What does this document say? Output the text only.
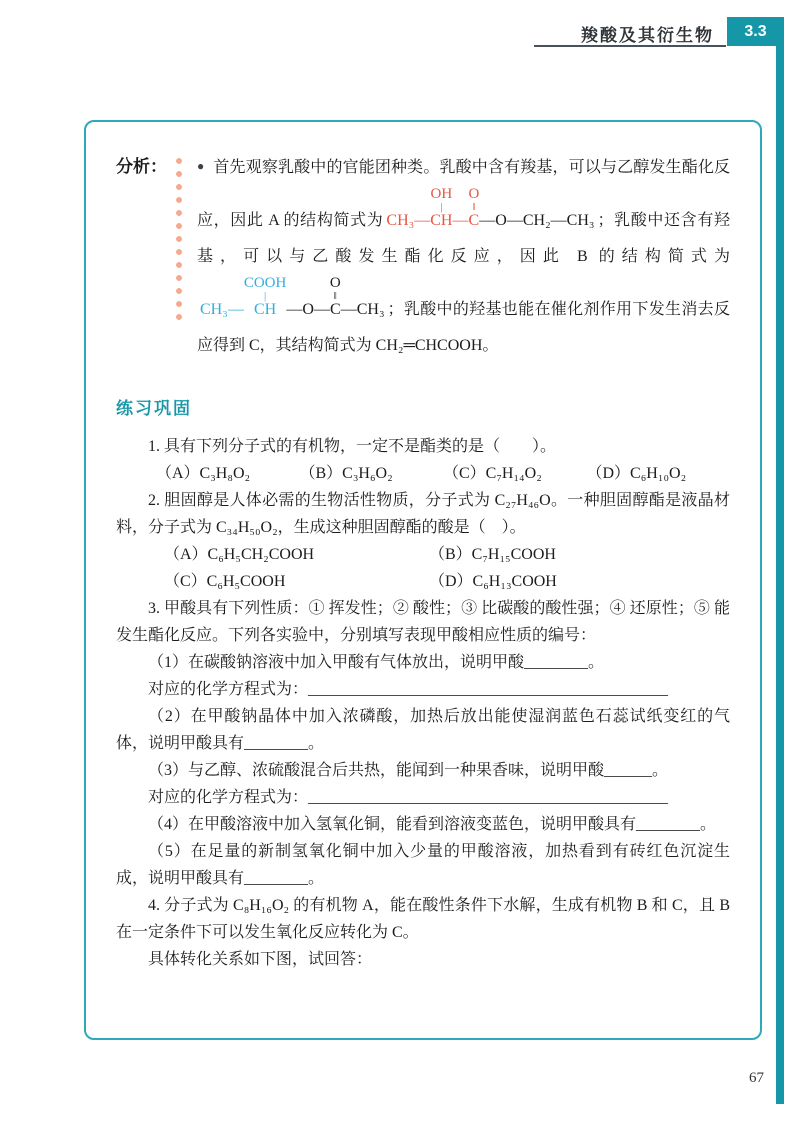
羧酸及其衍生物	3.3
分析：	● 首先观察乳酸中的官能团种类。乳酸中含有羧基，可以与乙醇发生酯化反应，因此 A 的结构简式为 CH₃ —
OH
|
CH —
O
‖
C — O — CH₂ — CH₃ ；乳酸中还含有羟基，可以与乙酸发生酯化反应，因此 B 的结构简式为
CH₃ —
COOH
|
CH — O —
O
‖
C — CH₃ ；乳酸中的羟基也能在催化剂作用下发生消去反应得到 C，其结构简式为 CH₂═CHCOOH。
练习巩固

1. 具有下列分子式的有机物，一定不是酯类的是（　　）。

（A）C₃H₈O₂	（B）C₃H₆O₂	（C）C₇H₁₄O₂	（D）C₆H₁₀O₂

2. 胆固醇是人体必需的生物活性物质，分子式为 C₂₇H₄₆O。一种胆固醇酯是液晶材料，分子式为 C₃₄H₅₀O₂，生成这种胆固醇酯的酸是（　）。

（A）C₆H₅CH₂COOH	（B）C₇H₁₅COOH
（C）C₆H₅COOH	（D）C₆H₁₃COOH

3. 甲酸具有下列性质：① 挥发性；② 酸性；③ 比碳酸的酸性强；④ 还原性；⑤ 能发生酯化反应。下列各实验中，分别填写表现甲酸相应性质的编号：

（1）在碳酸钠溶液中加入甲酸有气体放出，说明甲酸________。

对应的化学方程式为：_____________________________________________

（2）在甲酸钠晶体中加入浓磷酸，加热后放出能使湿润蓝色石蕊试纸变红的气体，说明甲酸具有________。

（3）与乙醇、浓硫酸混合后共热，能闻到一种果香味，说明甲酸______。

对应的化学方程式为：_____________________________________________

（4）在甲酸溶液中加入氢氧化铜，能看到溶液变蓝色，说明甲酸具有________。

（5）在足量的新制氢氧化铜中加入少量的甲酸溶液，加热看到有砖红色沉淀生成，说明甲酸具有________。

4. 分子式为 C₈H₁₆O₂ 的有机物 A，能在酸性条件下水解，生成有机物 B 和 C，且 B 在一定条件下可以发生氧化反应转化为 C。

具体转化关系如下图，试回答：

67
